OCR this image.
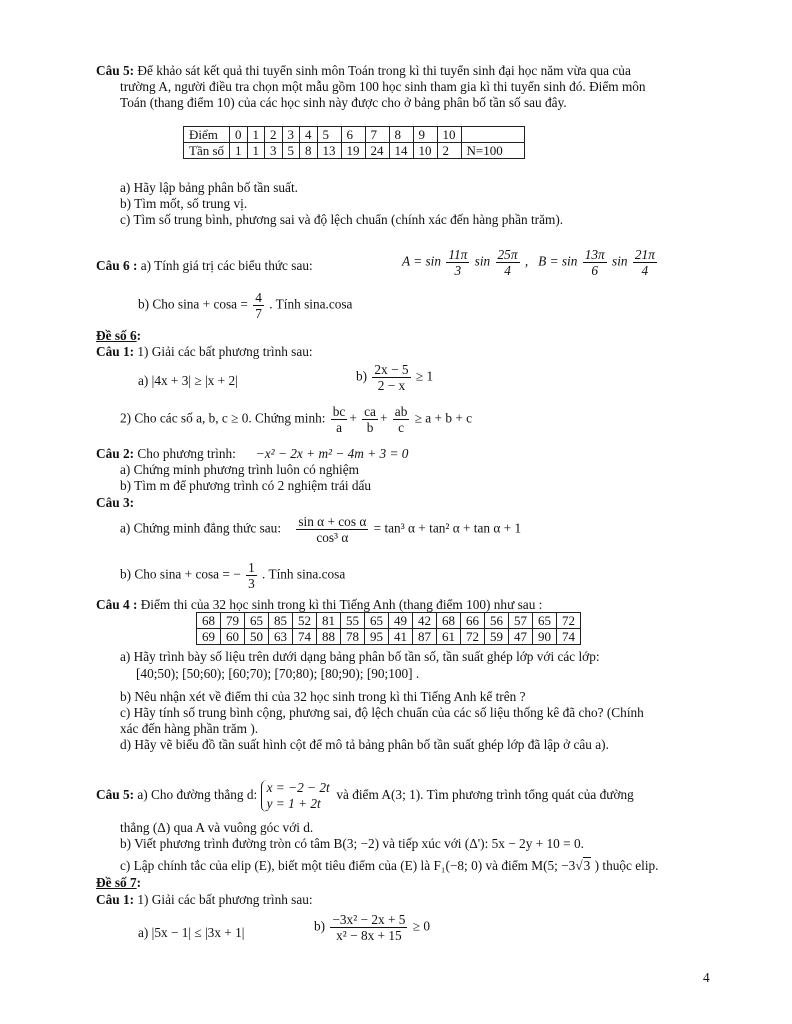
Câu 5: Để khảo sát kết quả thi tuyển sinh môn Toán trong kì thi tuyển sinh đại học năm vừa qua của
trường A, người điều tra chọn một mẫu gồm 100 học sinh tham gia kì thi tuyển sinh đó. Điểm môn
Toán (thang điểm 10) của các học sinh này được cho ở bảng phân bố tần số sau đây.
Điểm	0	1	2	3	4	5	6	7	8	9	10	
Tần số	1	1	3	5	8	13	19	24	14	10	2	N=100
a) Hãy lập bảng phân bố tần suất.
b) Tìm mốt, số trung vị.
c) Tìm số trung bình, phương sai và độ lệch chuẩn (chính xác đến hàng phần trăm).
Câu 6 : a) Tính giá trị các biểu thức sau:	$A = \sin \frac{11\pi}{3}$ $\sin \frac{25\pi}{4}$ , $B = \sin \frac{13\pi}{6}$ $\sin \frac{21\pi}{4}$
b) Cho $\sin a + \cos a = \frac{4}{7}$ . Tính sina.cosa
Đề số 6:
Câu 1: 1) Giải các bất phương trình sau:
a) |4x + 3| ≥ |x + 2|	$b) \frac{2x - 5}{2 - x} \ge 1$
2) Cho các số a, b, c ≥ 0. Chứng minh: $\frac{bc}{a} + \frac{ca}{b} + \frac{ab}{c} \ge a + b + c$
Câu 2: Cho phương trình: −x² − 2x + m² − 4m + 3 = 0
a) Chứng minh phương trình luôn có nghiệm
b) Tìm m để phương trình có 2 nghiệm trái dấu
Câu 3:
a) Chứng minh đẳng thức sau: $\frac{\text{sin α + cos α}}{\text{cos³ α}} = \tan^3$ α + tan² α + tan α + 1
b) Cho sina + cosa = − $\frac{1}{3}$ . Tính sina.cosa
Câu 4 : Điểm thi của 32 học sinh trong kì thi Tiếng Anh (thang điểm 100) như sau :
68	79	65	85	52	81	55	65	49	42	68	66	56	57	65	72
69	60	50	63	74	88	78	95	41	87	61	72	59	47	90	74
a) Hãy trình bày số liệu trên dưới dạng bảng phân bố tần số, tần suất ghép lớp với các lớp:
[40;50); [50;60); [60;70); [70;80); [80;90); [90;100] .
b) Nêu nhận xét về điểm thi của 32 học sinh trong kì thi Tiếng Anh kể trên ?
c) Hãy tính số trung bình cộng, phương sai, độ lệch chuẩn của các số liệu thống kê đã cho? (Chính
xác đến hàng phần trăm ).
d) Hãy vẽ biểu đồ tần suất hình cột để mô tả bảng phân bố tần suất ghép lớp đã lập ở câu a).
Câu 5: a) Cho đường thẳng d: x = −2 − 2t
y = 1 + 2t
và điểm A(3; 1). Tìm phương trình tổng quát của đường
thẳng (Δ) qua A và vuông góc với d.
b) Viết phương trình đường tròn có tâm B(3; −2) và tiếp xúc với (Δ'): 5x − 2y + 10 = 0.
c) Lập chính tắc của elip (E), biết một tiêu điểm của (E) là F₁(−8; 0) và điểm M(5; −3√3 ) thuộc elip.
Đề số 7:
Câu 1: 1) Giải các bất phương trình sau:
a) |5x − 1| ≤ |3x + 1|	$b) \frac{\text{−3x² − 2x + 5}}{\text{x² − 8x + 15}} \ge 0$
4
